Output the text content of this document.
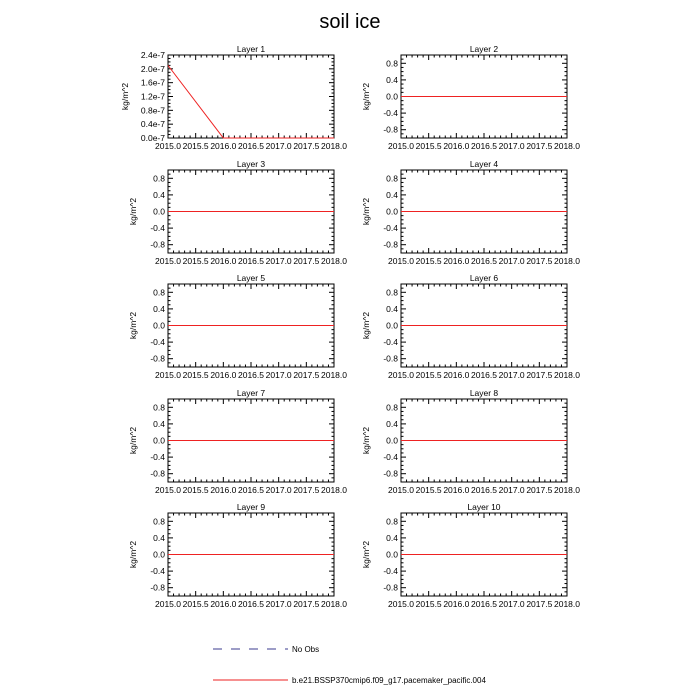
soil ice
Layer 1
2015.0 2015.5 2016.0 2016.5 2017.0 2017.5 2018.0
0.0e-7
0.4e-7
0.8e-7
1.2e-7
1.6e-7
2.0e-7
2.4e-7
kg/m^2
Layer 2
2015.0 2015.5 2016.0 2016.5 2017.0 2017.5 2018.0
-0.8
-0.4
0.0
0.4
0.8
kg/m^2
Layer 3
2015.0 2015.5 2016.0 2016.5 2017.0 2017.5 2018.0
-0.8
-0.4
0.0
0.4
0.8
kg/m^2
Layer 4
2015.0 2015.5 2016.0 2016.5 2017.0 2017.5 2018.0
-0.8
-0.4
0.0
0.4
0.8
kg/m^2
Layer 5
2015.0 2015.5 2016.0 2016.5 2017.0 2017.5 2018.0
-0.8
-0.4
0.0
0.4
0.8
kg/m^2
Layer 6
2015.0 2015.5 2016.0 2016.5 2017.0 2017.5 2018.0
-0.8
-0.4
0.0
0.4
0.8
kg/m^2
Layer 7
2015.0 2015.5 2016.0 2016.5 2017.0 2017.5 2018.0
-0.8
-0.4
0.0
0.4
0.8
kg/m^2
Layer 8
2015.0 2015.5 2016.0 2016.5 2017.0 2017.5 2018.0
-0.8
-0.4
0.0
0.4
0.8
kg/m^2
Layer 9
2015.0 2015.5 2016.0 2016.5 2017.0 2017.5 2018.0
-0.8
-0.4
0.0
0.4
0.8
kg/m^2
Layer 10
2015.0 2015.5 2016.0 2016.5 2017.0 2017.5 2018.0
-0.8
-0.4
0.0
0.4
0.8
kg/m^2
No Obs
b.e21.BSSP370cmip6.f09_g17.pacemaker_pacific.004
